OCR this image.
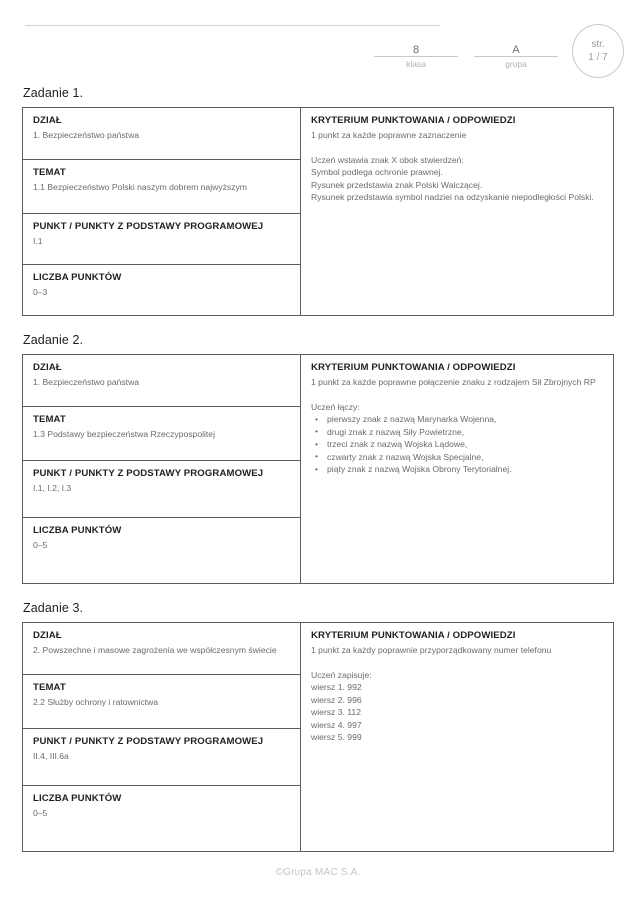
8
klasa
A
grupa
str.
1 / 7
Zadanie 1.
DZIAŁ
1. Bezpieczeństwo państwa
TEMAT
1.1 Bezpieczeństwo Polski naszym dobrem najwyższym
PUNKT / PUNKTY Z PODSTAWY PROGRAMOWEJ
I.1
LICZBA PUNKTÓW
0–3
KRYTERIUM PUNKTOWANIA / ODPOWIEDZI
1 punkt za każde poprawne zaznaczenie
Uczeń wstawia znak X obok stwierdzeń:
Symbol podlega ochronie prawnej.
Rysunek przedstawia znak Polski Walczącej.
Rysunek przedstawia symbol nadziei na odzyskanie niepodległości Polski.
Zadanie 2.
DZIAŁ
1. Bezpieczeństwo państwa
TEMAT
1.3 Podstawy bezpieczeństwa Rzeczypospolitej
PUNKT / PUNKTY Z PODSTAWY PROGRAMOWEJ
I.1, I.2, I.3
LICZBA PUNKTÓW
0–5
KRYTERIUM PUNKTOWANIA / ODPOWIEDZI
1 punkt za każde poprawne połączenie znaku z rodzajem Sił Zbrojnych RP
Uczeń łączy:
• pierwszy znak z nazwą Marynarka Wojenna,
• drugi znak z nazwą Siły Powietrzne,
• trzeci znak z nazwą Wojska Lądowe,
• czwarty znak z nazwą Wojska Specjalne,
• piąty znak z nazwą Wojska Obrony Terytorialnej.
Zadanie 3.
DZIAŁ
2. Powszechne i masowe zagrożenia we współczesnym świecie
TEMAT
2.2 Służby ochrony i ratownictwa
PUNKT / PUNKTY Z PODSTAWY PROGRAMOWEJ
II.4, III.6a
LICZBA PUNKTÓW
0–5
KRYTERIUM PUNKTOWANIA / ODPOWIEDZI
1 punkt za każdy poprawnie przyporządkowany numer telefonu
Uczeń zapisuje:
wiersz 1. 992
wiersz 2. 996
wiersz 3. 112
wiersz 4. 997
wiersz 5. 999
©Grupa MAC S.A.
